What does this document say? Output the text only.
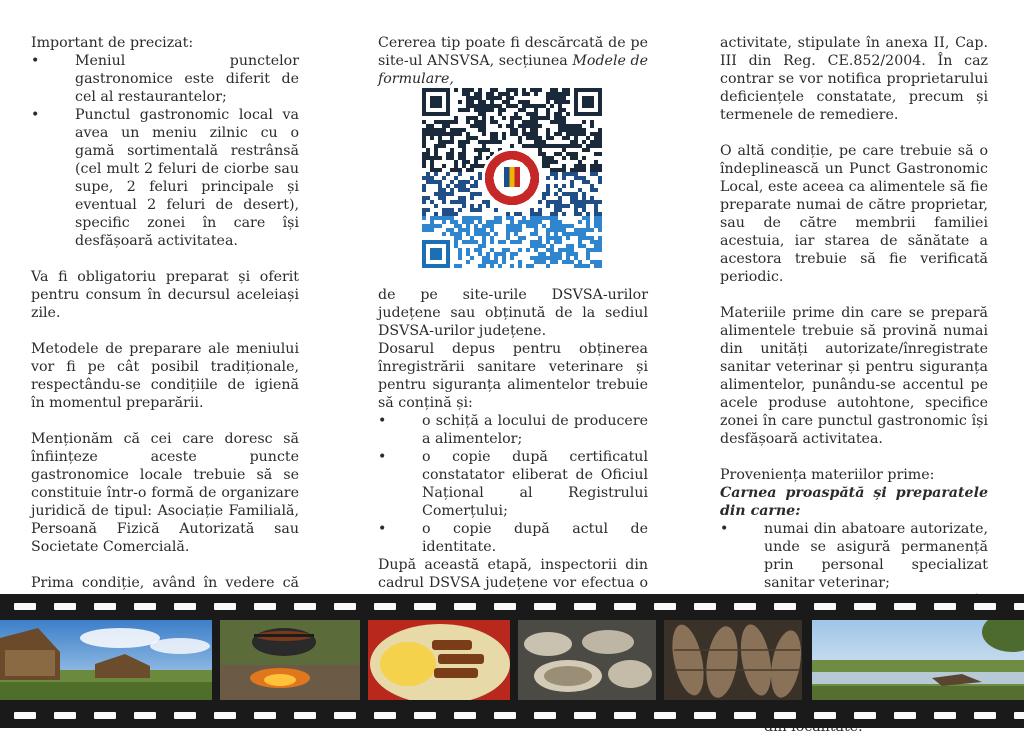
Important de precizat:

•	Meniul punctelor gastronomice este diferit de cel al restaurantelor;
•	Punctul gastronomic local va avea un meniu zilnic cu o gamă sortimentală restrânsă (cel mult 2 feluri de ciorbe sau supe, 2 feluri principale și eventual 2 feluri de desert), specific zonei în care își desfășoară activitatea.

Va fi obligatoriu preparat și oferit pentru consum în decursul aceleiași zile.

Metodele de preparare ale meniului vor fi pe cât posibil tradiționale, respectându-se condițiile de igienă în momentul preparării.

Menționăm că cei care doresc să înființeze aceste puncte gastronomice locale trebuie să se constituie într-o formă de organizare juridică de tipul: Asociație Familială, Persoană Fizică Autorizată sau Societate Comercială.

Prima condiție, având în vedere că

Cererea tip poate fi descărcată de pe site-ul ANSVSA, secțiunea Modele de formulare,

de pe site-urile DSVSA-urilor județene sau obținută de la sediul DSVSA-urilor județene.

Dosarul depus pentru obținerea înregistrării sanitare veterinare și pentru siguranța alimentelor trebuie să conțină și:

•	o schiță a locului de producere a alimentelor;
•	o copie după certificatul constatator eliberat de Oficiul Național al Registrului Comerțului;
•	o copie după actul de identitate.

După această etapă, inspectorii din cadrul DSVSA județene vor efectua o

activitate, stipulate în anexa II, Cap. III din Reg. CE.852/2004. În caz contrar se vor notifica proprietarului deficiențele constatate, precum și termenele de remediere.

O altă condiție, pe care trebuie să o îndeplinească un Punct Gastronomic Local, este aceea ca alimentele să fie preparate numai de către proprietar, sau de către membrii familiei acestuia, iar starea de sănătate a acestora trebuie să fie verificată periodic.

Materiile prime din care se prepară alimentele trebuie să provină numai din unități autorizate/înregistrate sanitar veterinar și pentru siguranța alimentelor, punându-se accentul pe acele produse autohtone, specifice zonei în care punctul gastronomic își desfășoară activitatea.

Proveniența materiilor prime:

Carnea proaspătă și preparatele din carne:

•	numai din abatoare autorizate, unde se asigură permanență prin personal specializat sanitar veterinar;
